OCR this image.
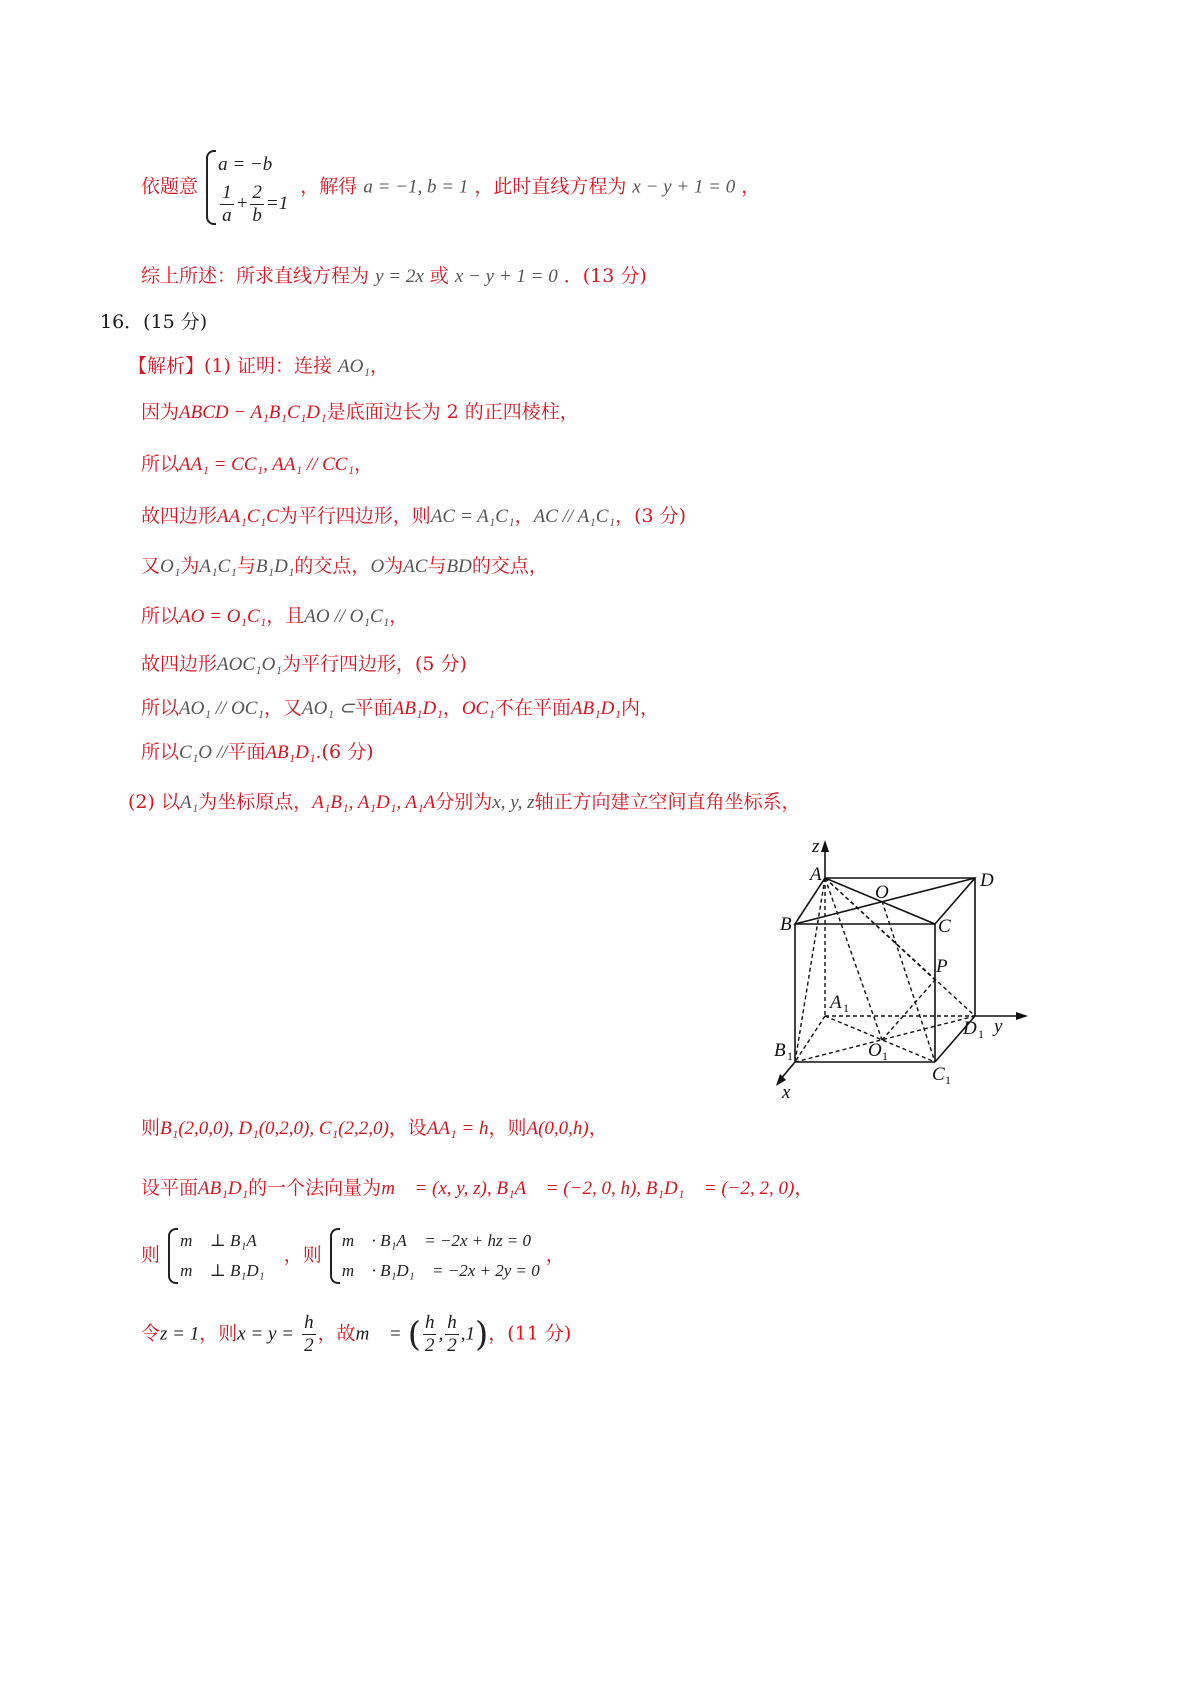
依题意
a = −b
$\frac{1}{a} + \frac{2}{b} =1$
，解得 a = −1, b = 1 ，此时直线方程为 x − y + 1 = 0 ，
综上所述：所求直线方程为 y = 2x 或 x − y + 1 = 0 ．(13 分)
16．(15 分)
【解析】(1) 证明：连接 AO₁，
因为ABCD − A₁B₁C₁D₁是底面边长为 2 的正四棱柱，
所以AA₁ = CC₁, AA₁ // CC₁，
故四边形AA₁C₁C为平行四边形，则AC = A₁C₁，AC // A₁C₁，(3 分)
又O₁为A₁C₁与B₁D₁的交点，O为AC与BD的交点，
所以AO = O₁C₁，且AO // O₁C₁，
故四边形AOC₁O₁为平行四边形，(5 分)
所以AO₁ // OC₁，又AO₁ ⊂平面AB₁D₁，OC₁不在平面AB₁D₁内，
所以C₁O //平面AB₁D₁.(6 分)
(2) 以A₁为坐标原点，A₁B₁, A₁D₁, A₁A分别为x, y, z轴正方向建立空间直角坐标系，
z
A
O
D
B	C
P
A 1
D 1 y
B 1	O 1
C 1
x
则B₁(2,0,0), D₁(0,2,0), C₁(2,2,0)，设AA₁ = h，则A(0,0,h)，
设平面AB₁D₁的一个法向量为m⃗ = (x, y, z), B₁A⃗ = (−2, 0, h), B₁D₁⃗ = (−2, 2, 0)，
则
m⃗ ⊥ B₁A⃗
m⃗ ⊥ B₁D₁⃗
，则
m⃗ · B₁A⃗ = −2x + hz = 0
m⃗ · B₁D₁⃗ = −2x + 2y = 0
，
令z = 1，则$x = y = \frac{h}{2}$ ，故m⃗ = ( $\frac{h}{2}$ , $\frac{h}{2} ,1$)，(11 分)
